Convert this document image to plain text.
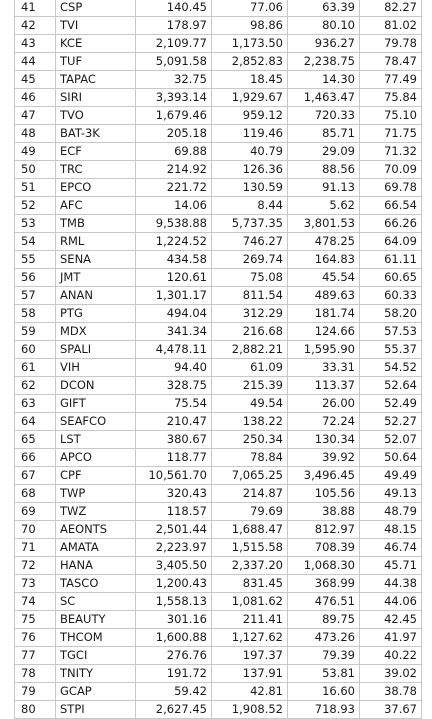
41	CSP	140.45	77.06	63.39	82.27
42	TVI	178.97	98.86	80.10	81.02
43	KCE	2,109.77	1,173.50	936.27	79.78
44	TUF	5,091.58	2,852.83	2,238.75	78.47
45	TAPAC	32.75	18.45	14.30	77.49
46	SIRI	3,393.14	1,929.67	1,463.47	75.84
47	TVO	1,679.46	959.12	720.33	75.10
48	BAT-3K	205.18	119.46	85.71	71.75
49	ECF	69.88	40.79	29.09	71.32
50	TRC	214.92	126.36	88.56	70.09
51	EPCO	221.72	130.59	91.13	69.78
52	AFC	14.06	8.44	5.62	66.54
53	TMB	9,538.88	5,737.35	3,801.53	66.26
54	RML	1,224.52	746.27	478.25	64.09
55	SENA	434.58	269.74	164.83	61.11
56	JMT	120.61	75.08	45.54	60.65
57	ANAN	1,301.17	811.54	489.63	60.33
58	PTG	494.04	312.29	181.74	58.20
59	MDX	341.34	216.68	124.66	57.53
60	SPALI	4,478.11	2,882.21	1,595.90	55.37
61	VIH	94.40	61.09	33.31	54.52
62	DCON	328.75	215.39	113.37	52.64
63	GIFT	75.54	49.54	26.00	52.49
64	SEAFCO	210.47	138.22	72.24	52.27
65	LST	380.67	250.34	130.34	52.07
66	APCO	118.77	78.84	39.92	50.64
67	CPF	10,561.70	7,065.25	3,496.45	49.49
68	TWP	320.43	214.87	105.56	49.13
69	TWZ	118.57	79.69	38.88	48.79
70	AEONTS	2,501.44	1,688.47	812.97	48.15
71	AMATA	2,223.97	1,515.58	708.39	46.74
72	HANA	3,405.50	2,337.20	1,068.30	45.71
73	TASCO	1,200.43	831.45	368.99	44.38
74	SC	1,558.13	1,081.62	476.51	44.06
75	BEAUTY	301.16	211.41	89.75	42.45
76	THCOM	1,600.88	1,127.62	473.26	41.97
77	TGCI	276.76	197.37	79.39	40.22
78	TNITY	191.72	137.91	53.81	39.02
79	GCAP	59.42	42.81	16.60	38.78
80	STPI	2,627.45	1,908.52	718.93	37.67
